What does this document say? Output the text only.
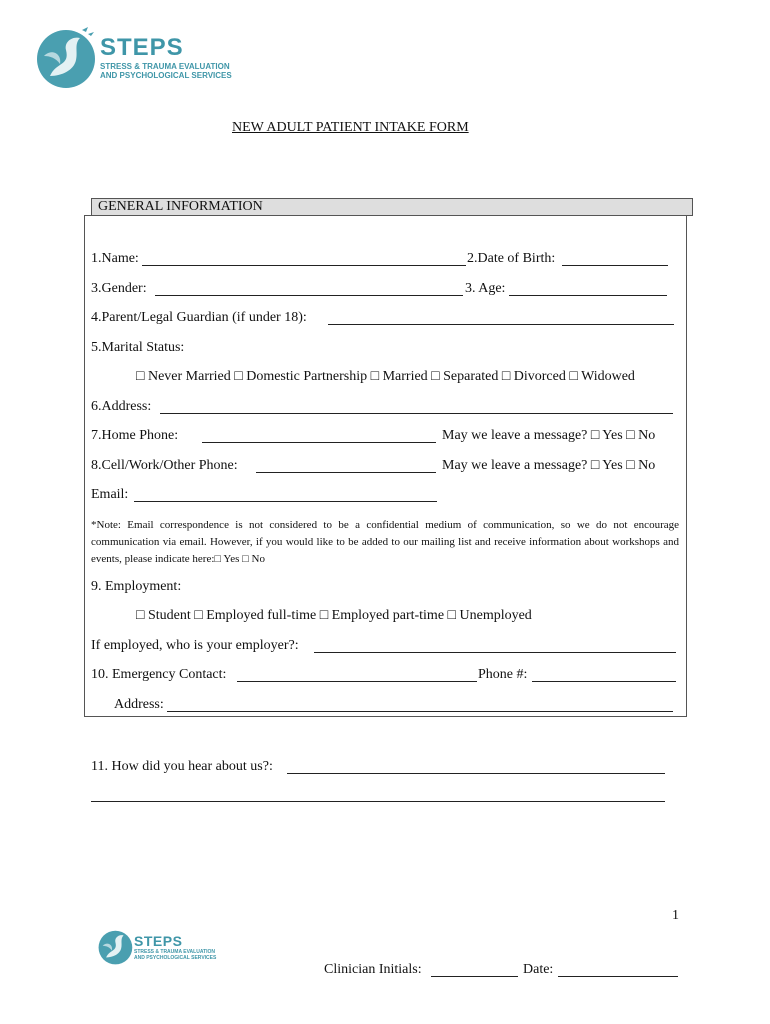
STEPS
STRESS & TRAUMA EVALUATION
AND PSYCHOLOGICAL SERVICES
NEW ADULT PATIENT INTAKE FORM
GENERAL INFORMATION
1.Name:	2.Date of Birth:
3.Gender:	3. Age:
4.Parent/Legal Guardian (if under 18):
5.Marital Status:
□ Never Married □ Domestic Partnership □ Married □ Separated □ Divorced □ Widowed
6.Address:
7.Home Phone:	May we leave a message? □ Yes □ No
8.Cell/Work/Other Phone:	May we leave a message? □ Yes □ No
Email:
*Note: Email correspondence is not considered to be a confidential medium of communication, so we do not encourage communication via email. However, if you would like to be added to our mailing list and receive information about workshops and events, please indicate here:□ Yes □ No
9. Employment:
□ Student □ Employed full-time □ Employed part-time □ Unemployed
If employed, who is your employer?:
10. Emergency Contact:	Phone #:
Address:
11. How did you hear about us?:
1
STEPS
STRESS & TRAUMA EVALUATION
AND PSYCHOLOGICAL SERVICES
Clinician Initials:	Date:
